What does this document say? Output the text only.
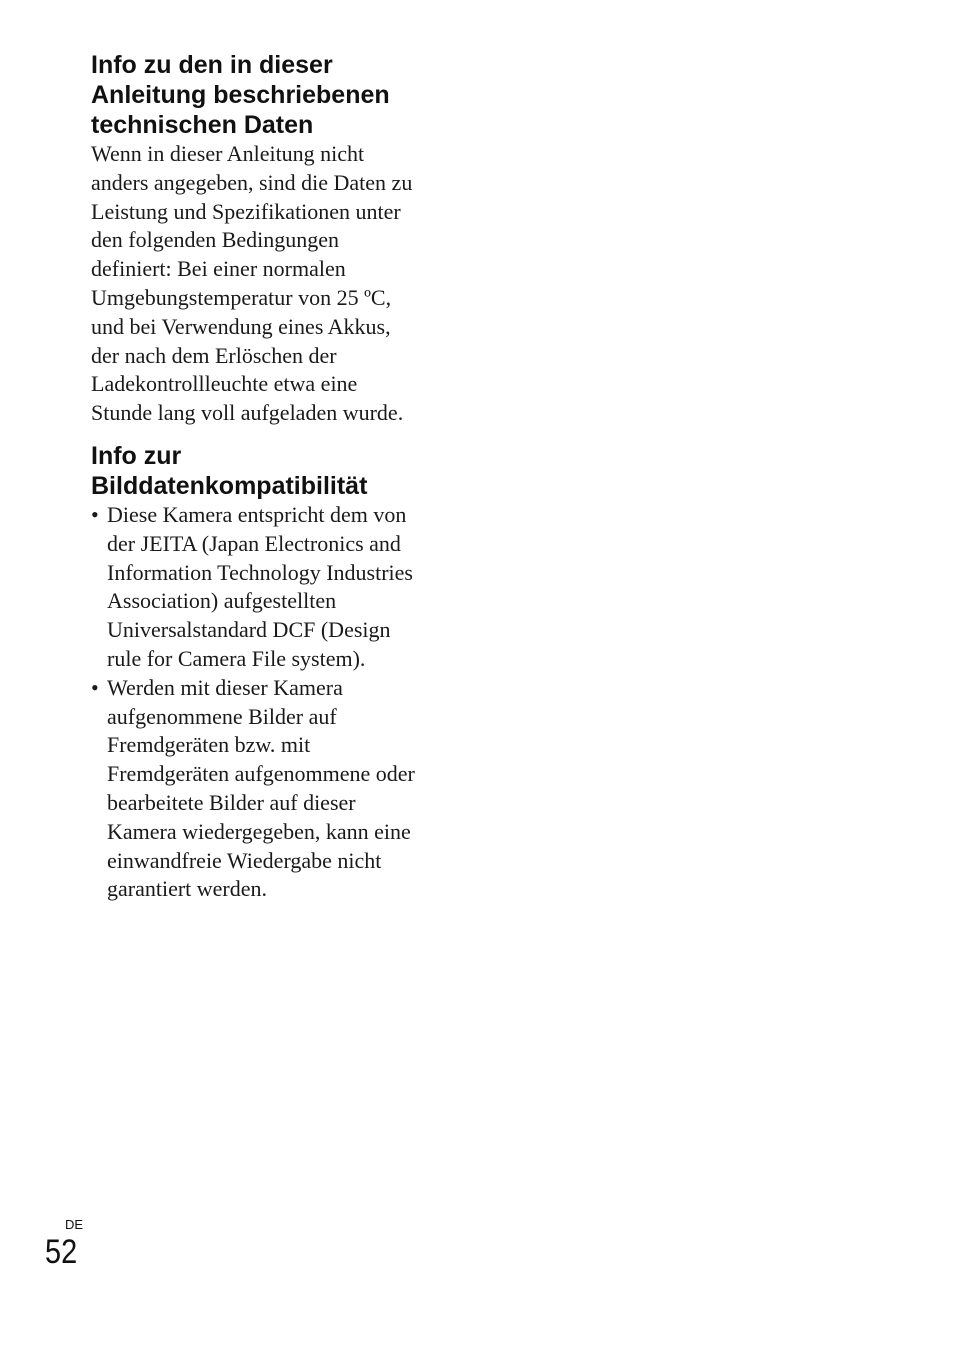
Info zu den in dieser
Anleitung beschriebenen
technischen Daten

Wenn in dieser Anleitung nicht
anders angegeben, sind die Daten zu
Leistung und Spezifikationen unter
den folgenden Bedingungen
definiert: Bei einer normalen
Umgebungstemperatur von 25 ºC,
und bei Verwendung eines Akkus,
der nach dem Erlöschen der
Ladekontrollleuchte etwa eine
Stunde lang voll aufgeladen wurde.

Info zur
Bilddatenkompatibilität
• Diese Kamera entspricht dem von
der JEITA (Japan Electronics and
Information Technology Industries
Association) aufgestellten
Universalstandard DCF (Design
rule for Camera File system).
• Werden mit dieser Kamera
aufgenommene Bilder auf
Fremdgeräten bzw. mit
Fremdgeräten aufgenommene oder
bearbeitete Bilder auf dieser
Kamera wiedergegeben, kann eine
einwandfreie Wiedergabe nicht
garantiert werden.
DE
52
